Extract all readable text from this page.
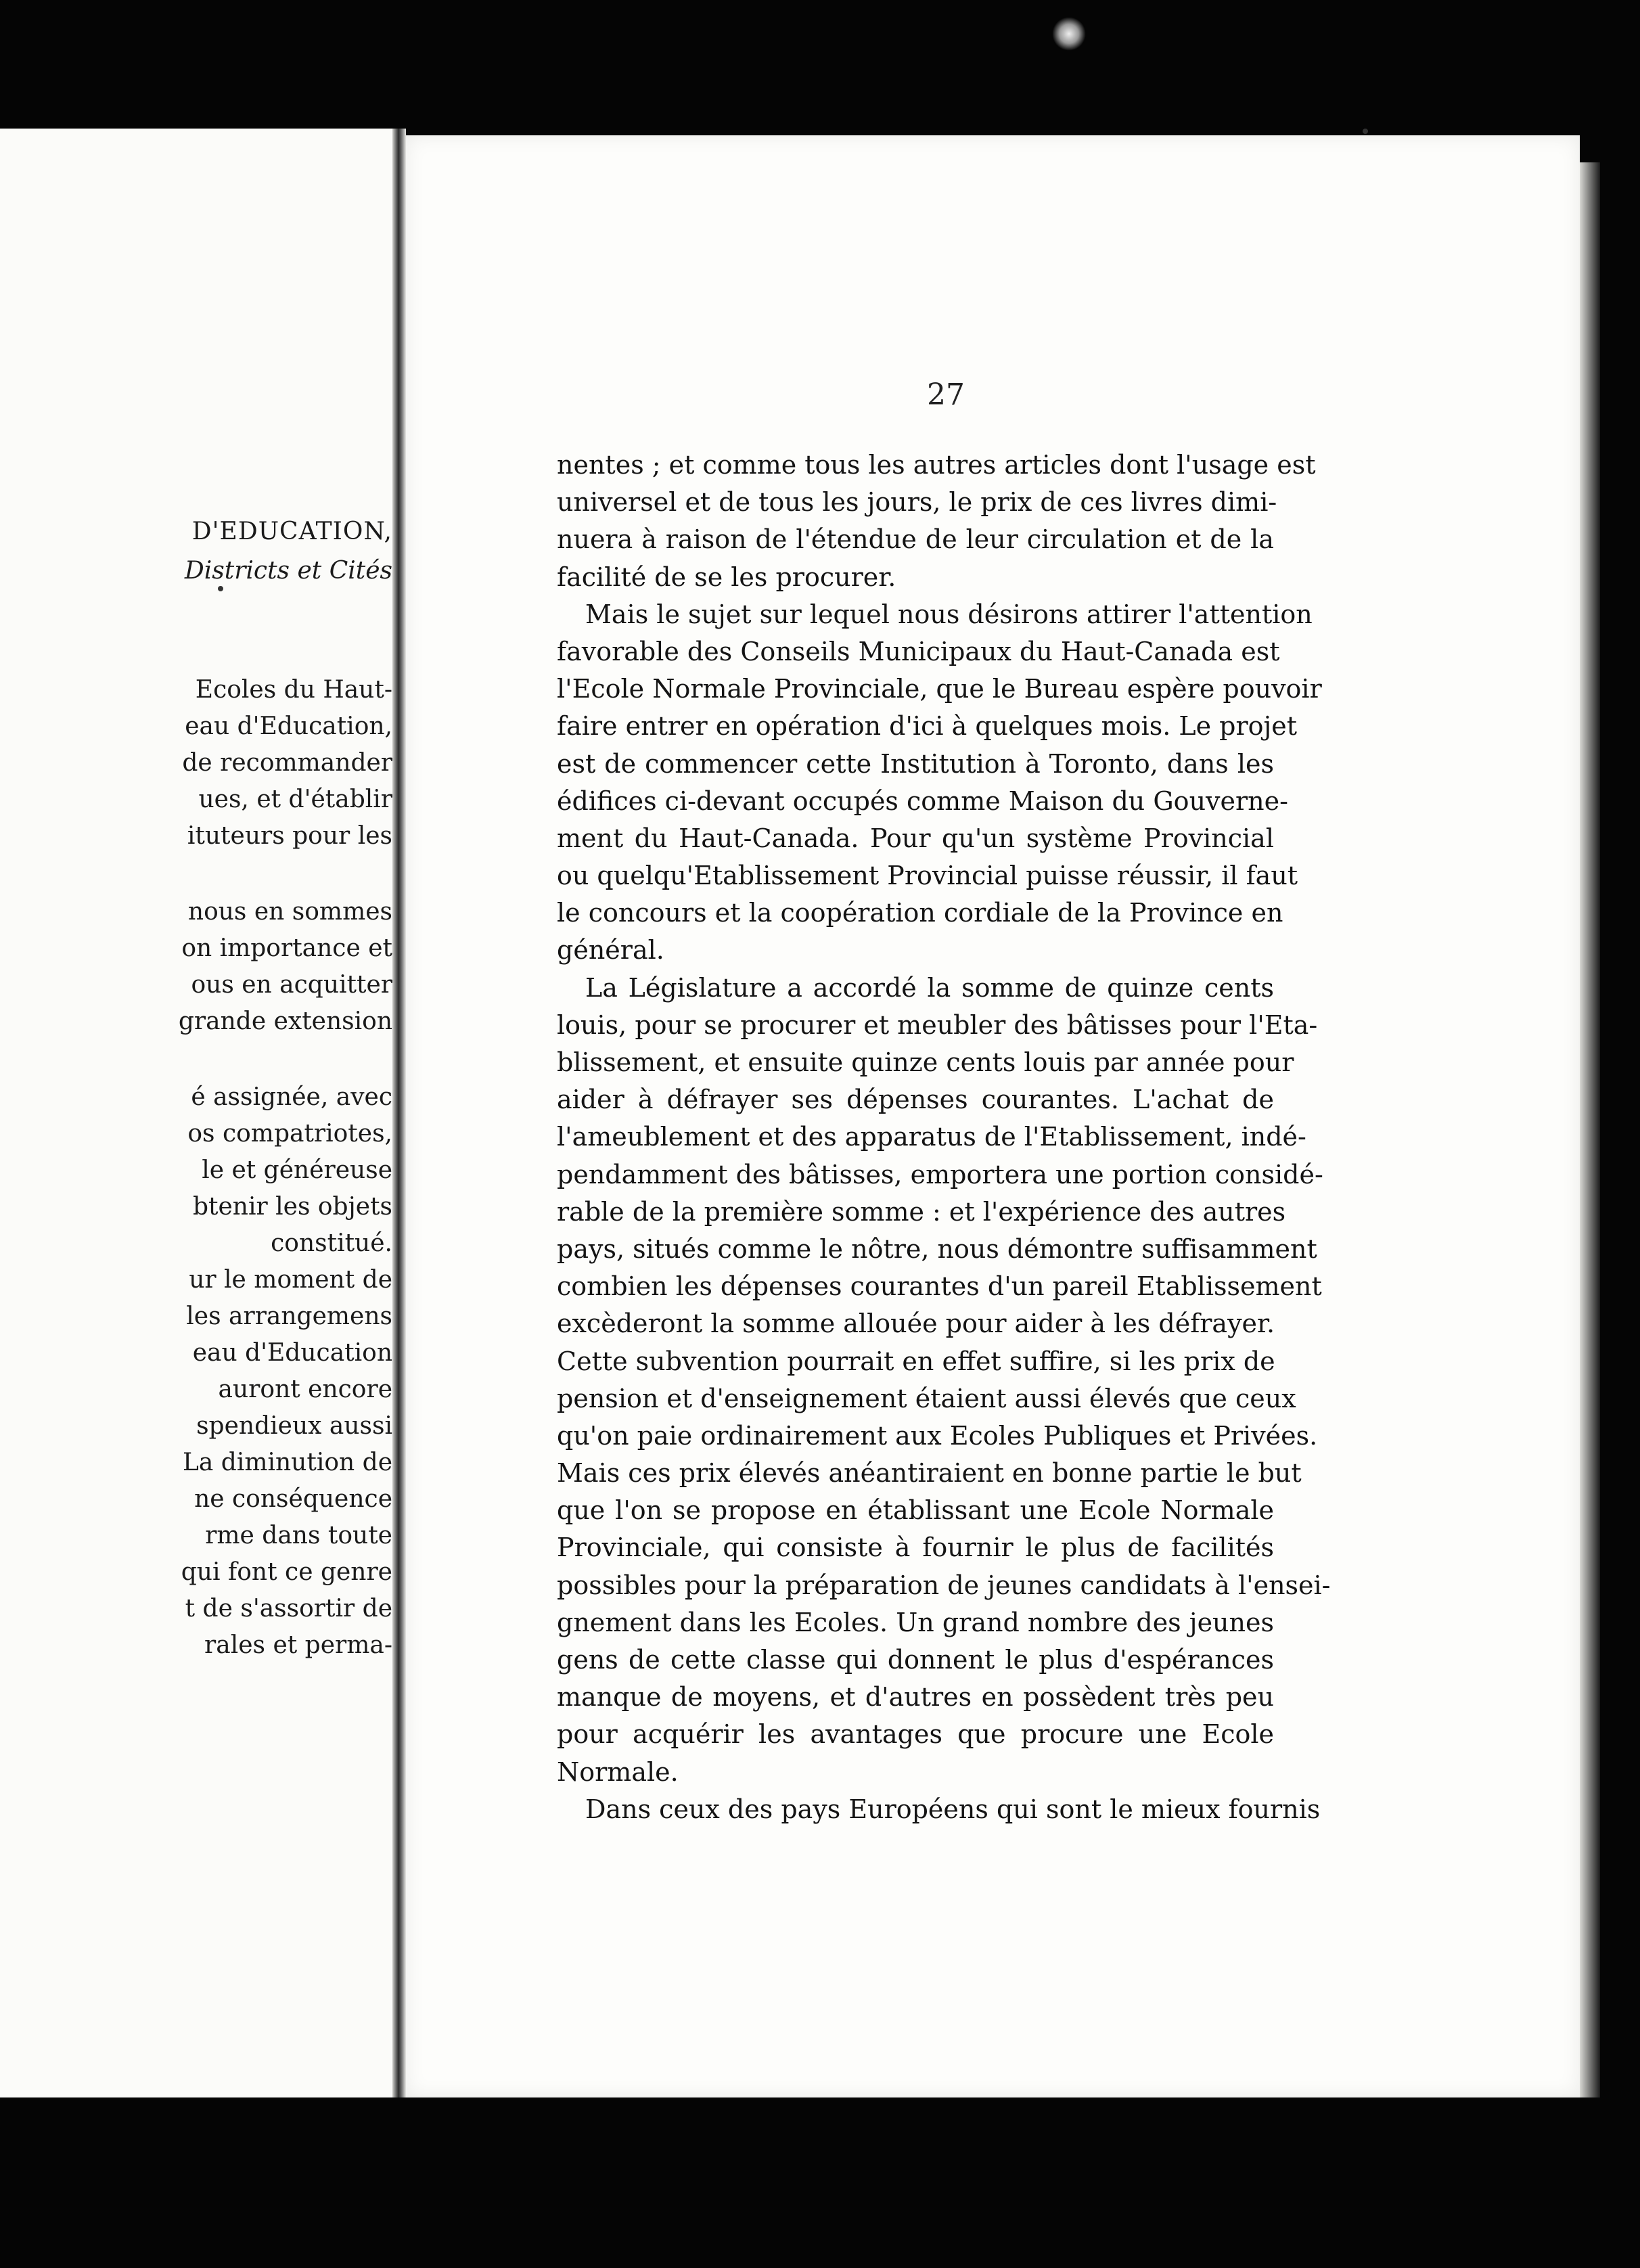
D'EDUCATION,
Districts et Cités
Ecoles du Haut-
eau d'Education,
de recommander
ues, et d'établir
ituteurs pour les
nous en sommes
on importance et
ous en acquitter
grande extension
é assignée, avec
os compatriotes,
le et généreuse
btenir les objets
constitué.
ur le moment de
les arrangemens
eau d'Education
auront encore
spendieux aussi
La diminution de
ne conséquence
rme dans toute
qui font ce genre
t de s'assortir de
rales et perma-
27
nentes ; et comme tous les autres articles dont l'usage est
universel et de tous les jours, le prix de ces livres dimi-
nuera à raison de l'étendue de leur circulation et de la
facilité de se les procurer.
Mais le sujet sur lequel nous désirons attirer l'attention
favorable des Conseils Municipaux du Haut-Canada est
l'Ecole Normale Provinciale, que le Bureau espère pouvoir
faire entrer en opération d'ici à quelques mois. Le projet
est de commencer cette Institution à Toronto, dans les
édifices ci-devant occupés comme Maison du Gouverne-
ment du Haut-Canada. Pour qu'un système Provincial
ou quelqu'Etablissement Provincial puisse réussir, il faut
le concours et la coopération cordiale de la Province en
général.
La Législature a accordé la somme de quinze cents
louis, pour se procurer et meubler des bâtisses pour l'Eta-
blissement, et ensuite quinze cents louis par année pour
aider à défrayer ses dépenses courantes. L'achat de
l'ameublement et des apparatus de l'Etablissement, indé-
pendamment des bâtisses, emportera une portion considé-
rable de la première somme : et l'expérience des autres
pays, situés comme le nôtre, nous démontre suffisamment
combien les dépenses courantes d'un pareil Etablissement
excèderont la somme allouée pour aider à les défrayer.
Cette subvention pourrait en effet suffire, si les prix de
pension et d'enseignement étaient aussi élevés que ceux
qu'on paie ordinairement aux Ecoles Publiques et Privées.
Mais ces prix élevés anéantiraient en bonne partie le but
que l'on se propose en établissant une Ecole Normale
Provinciale, qui consiste à fournir le plus de facilités
possibles pour la préparation de jeunes candidats à l'ensei-
gnement dans les Ecoles. Un grand nombre des jeunes
gens de cette classe qui donnent le plus d'espérances
manque de moyens, et d'autres en possèdent très peu
pour acquérir les avantages que procure une Ecole
Normale.
Dans ceux des pays Européens qui sont le mieux fournis
